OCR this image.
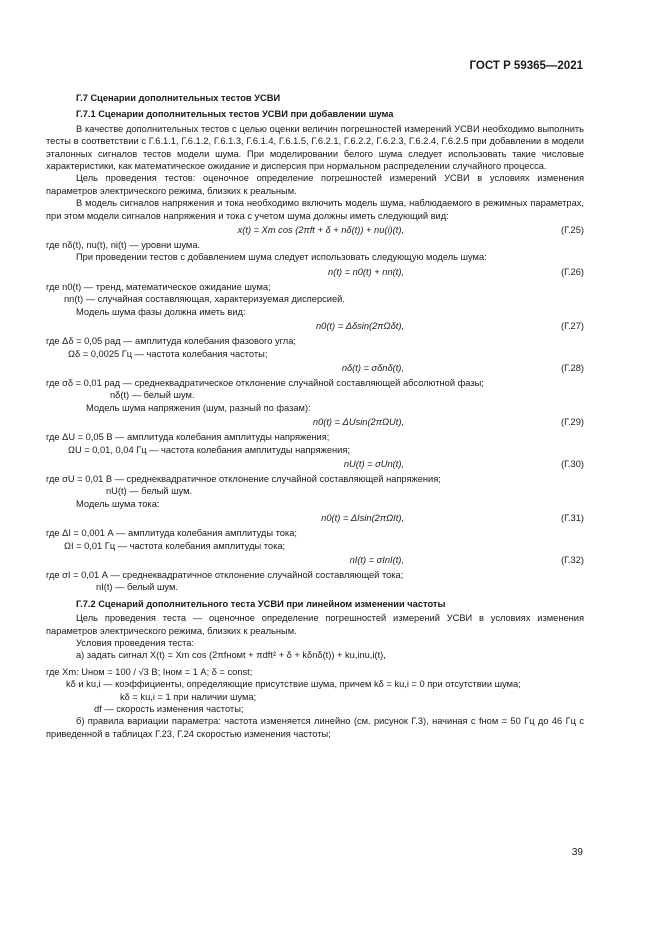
ГОСТ Р 59365—2021
Г.7 Сценарии дополнительных тестов УСВИ
Г.7.1 Сценарии дополнительных тестов УСВИ при добавлении шума

В качестве дополнительных тестов с целью оценки величин погрешностей измерений УСВИ необходимо выполнить тесты в соответствии с Г.6.1.1, Г.6.1.2, Г.6.1.3, Г.6.1.4, Г.6.1.5, Г.6.2.1, Г.6.2.2, Г.6.2.3, Г.6.2.4, Г.6.2.5 при добавлении в модели эталонных сигналов тестов модели шума. При моделировании белого шума следует использовать такие числовые характеристики, как математическое ожидание и дисперсия при нормальном распределении случайного процесса.

Цель проведения тестов: оценочное определение погрешностей измерений УСВИ в условиях изменения параметров электрического режима, близких к реальным.

В модель сигналов напряжения и тока необходимо включить модель шума, наблюдаемого в режимных параметрах, при этом модели сигналов напряжения и тока с учетом шума должны иметь следующий вид:

x(t) = Xm cos (2πft + δ + nδ(t)) + nu(i)(t),	(Г.25)
где nδ(t), nu(t), ni(t) — уровни шума.

При проведении тестов с добавлением шума следует использовать следующую модель шума:

n(t) = n0(t) + nn(t),	(Г.26)
где n0(t) — тренд, математическое ожидание шума;
nn(t) — случайная составляющая, характеризуемая дисперсией.

Модель шума фазы должна иметь вид:

n0(t) = Δδsin(2πΩδt),	(Г.27)
где Δδ = 0,05 рад — амплитуда колебания фазового угла;
Ωδ = 0,0025 Гц — частота колебания частоты;
nδ(t) = σδnδ(t),	(Г.28)
где σδ = 0,01 рад — среднеквадратическое отклонение случайной составляющей абсолютной фазы;
nδ(t) — белый шум.

Модель шума напряжения (шум, разный по фазам):

n0(t) = ΔUsin(2πΩUt),	(Г.29)
где ΔU = 0,05 В — амплитуда колебания амплитуды напряжения;
ΩU = 0,01, 0,04 Гц — частота колебания амплитуды напряжения;
nU(t) = σUn(t),	(Г.30)
где σU = 0,01 В — среднеквадратичное отклонение случайной составляющей напряжения;
nU(t) — белый шум.

Модель шума тока:

n0(t) = ΔIsin(2πΩIt),	(Г.31)
где ΔI = 0,001 А — амплитуда колебания амплитуды тока;
ΩI = 0,01 Гц — частота колебания амплитуды тока;
nI(t) = σInI(t),	(Г.32)
где σI = 0,01 А — среднеквадратичное отклонение случайной составляющей тока;
nI(t) — белый шум.
Г.7.2 Сценарий дополнительного теста УСВИ при линейном изменении частоты

Цель проведения теста — оценочное определение погрешностей измерений УСВИ в условиях изменения параметров электрического режима, близких к реальным.

Условия проведения теста:

а) задать сигнал X(t) = Xm cos (2πfномt + πdft² + δ + kδnδ(t)) + ku,inu,i(t),

где Xm: Uном = 100 / √3 В; Iном = 1 А; δ = const;
kδ и ku,i — коэффициенты, определяющие присутствие шума, причем kδ = ku,i = 0 при отсутствии шума;
kδ = ku,i = 1 при наличии шума;
df — скорость изменения частоты;

б) правила вариации параметра: частота изменяется линейно (см. рисунок Г.3), начиная с fном = 50 Гц до 46 Гц с приведенной в таблицах Г.23, Г.24 скоростью изменения частоты;

39
